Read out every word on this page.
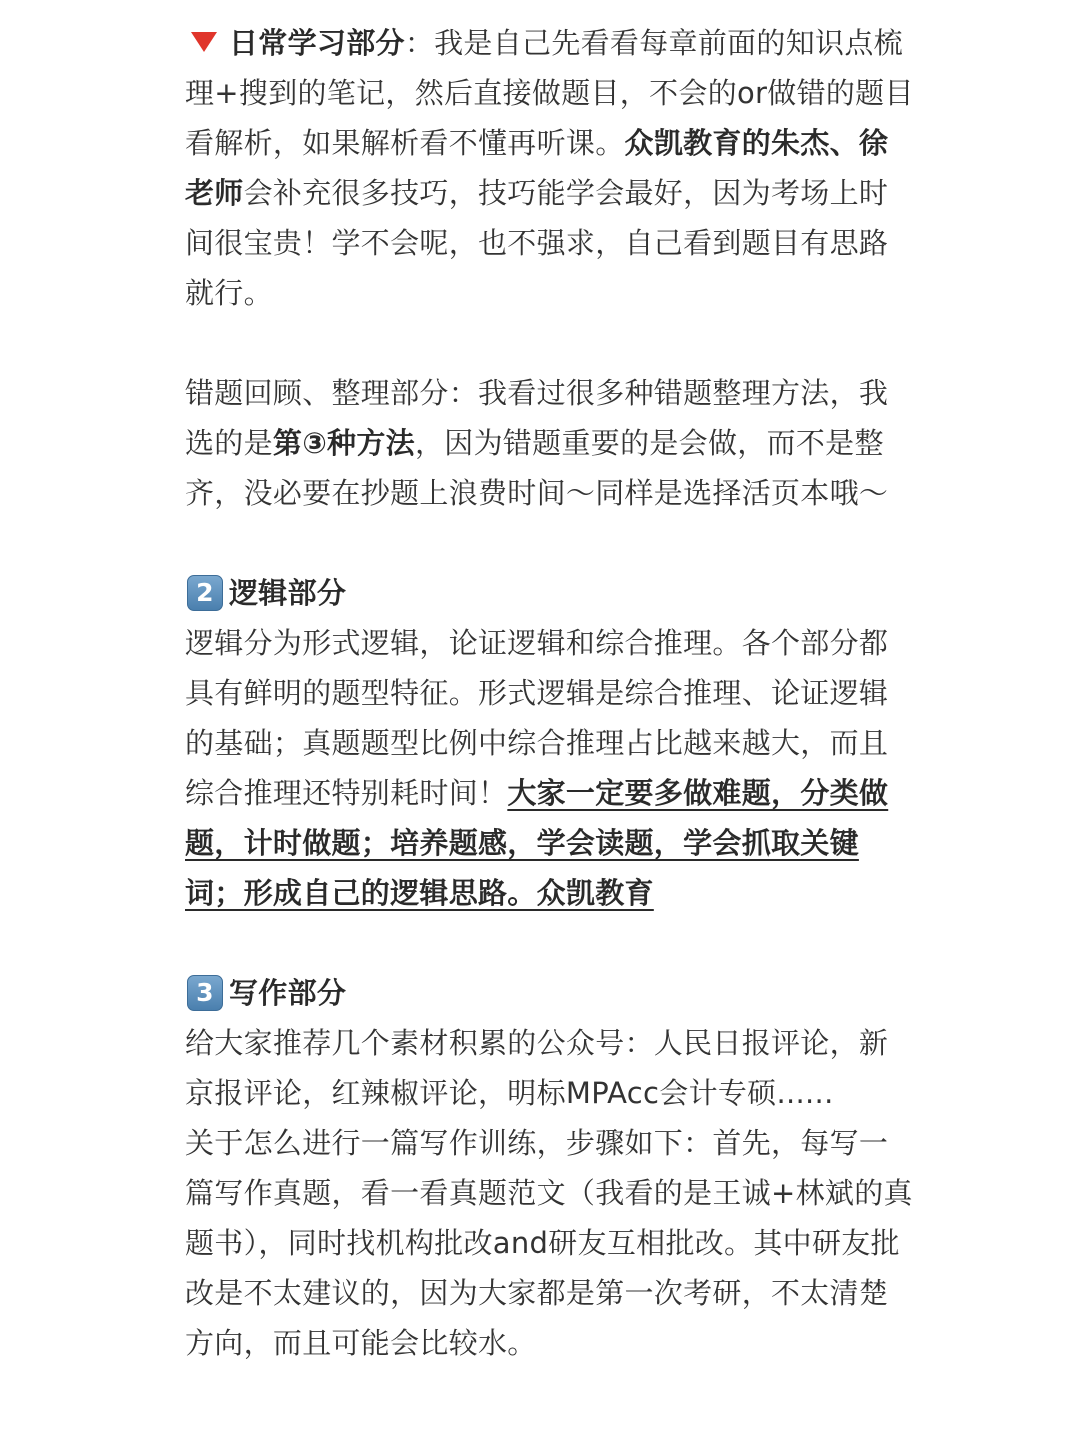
日常学习部分：我是自己先看看每章前面的知识点梳理+搜到的笔记，然后直接做题目，不会的or做错的题目看解析，如果解析看不懂再听课。众凯教育的朱杰、徐老师会补充很多技巧，技巧能学会最好，因为考场上时间很宝贵！学不会呢，也不强求，自己看到题目有思路就行。

错题回顾、整理部分：我看过很多种错题整理方法，我选的是第③种方法，因为错题重要的是会做，而不是整齐，没必要在抄题上浪费时间～同样是选择活页本哦～

2 逻辑部分

逻辑分为形式逻辑，论证逻辑和综合推理。各个部分都具有鲜明的题型特征。形式逻辑是综合推理、论证逻辑的基础；真题题型比例中综合推理占比越来越大，而且综合推理还特别耗时间！大家一定要多做难题，分类做题，计时做题；培养题感，学会读题，学会抓取关键词；形成自己的逻辑思路。众凯教育

3 写作部分

给大家推荐几个素材积累的公众号：人民日报评论，新京报评论，红辣椒评论，明标MPAcc会计专硕......

关于怎么进行一篇写作训练，步骤如下：首先，每写一篇写作真题，看一看真题范文（我看的是王诚+林斌的真题书），同时找机构批改and研友互相批改。其中研友批改是不太建议的，因为大家都是第一次考研，不太清楚方向，而且可能会比较水。
